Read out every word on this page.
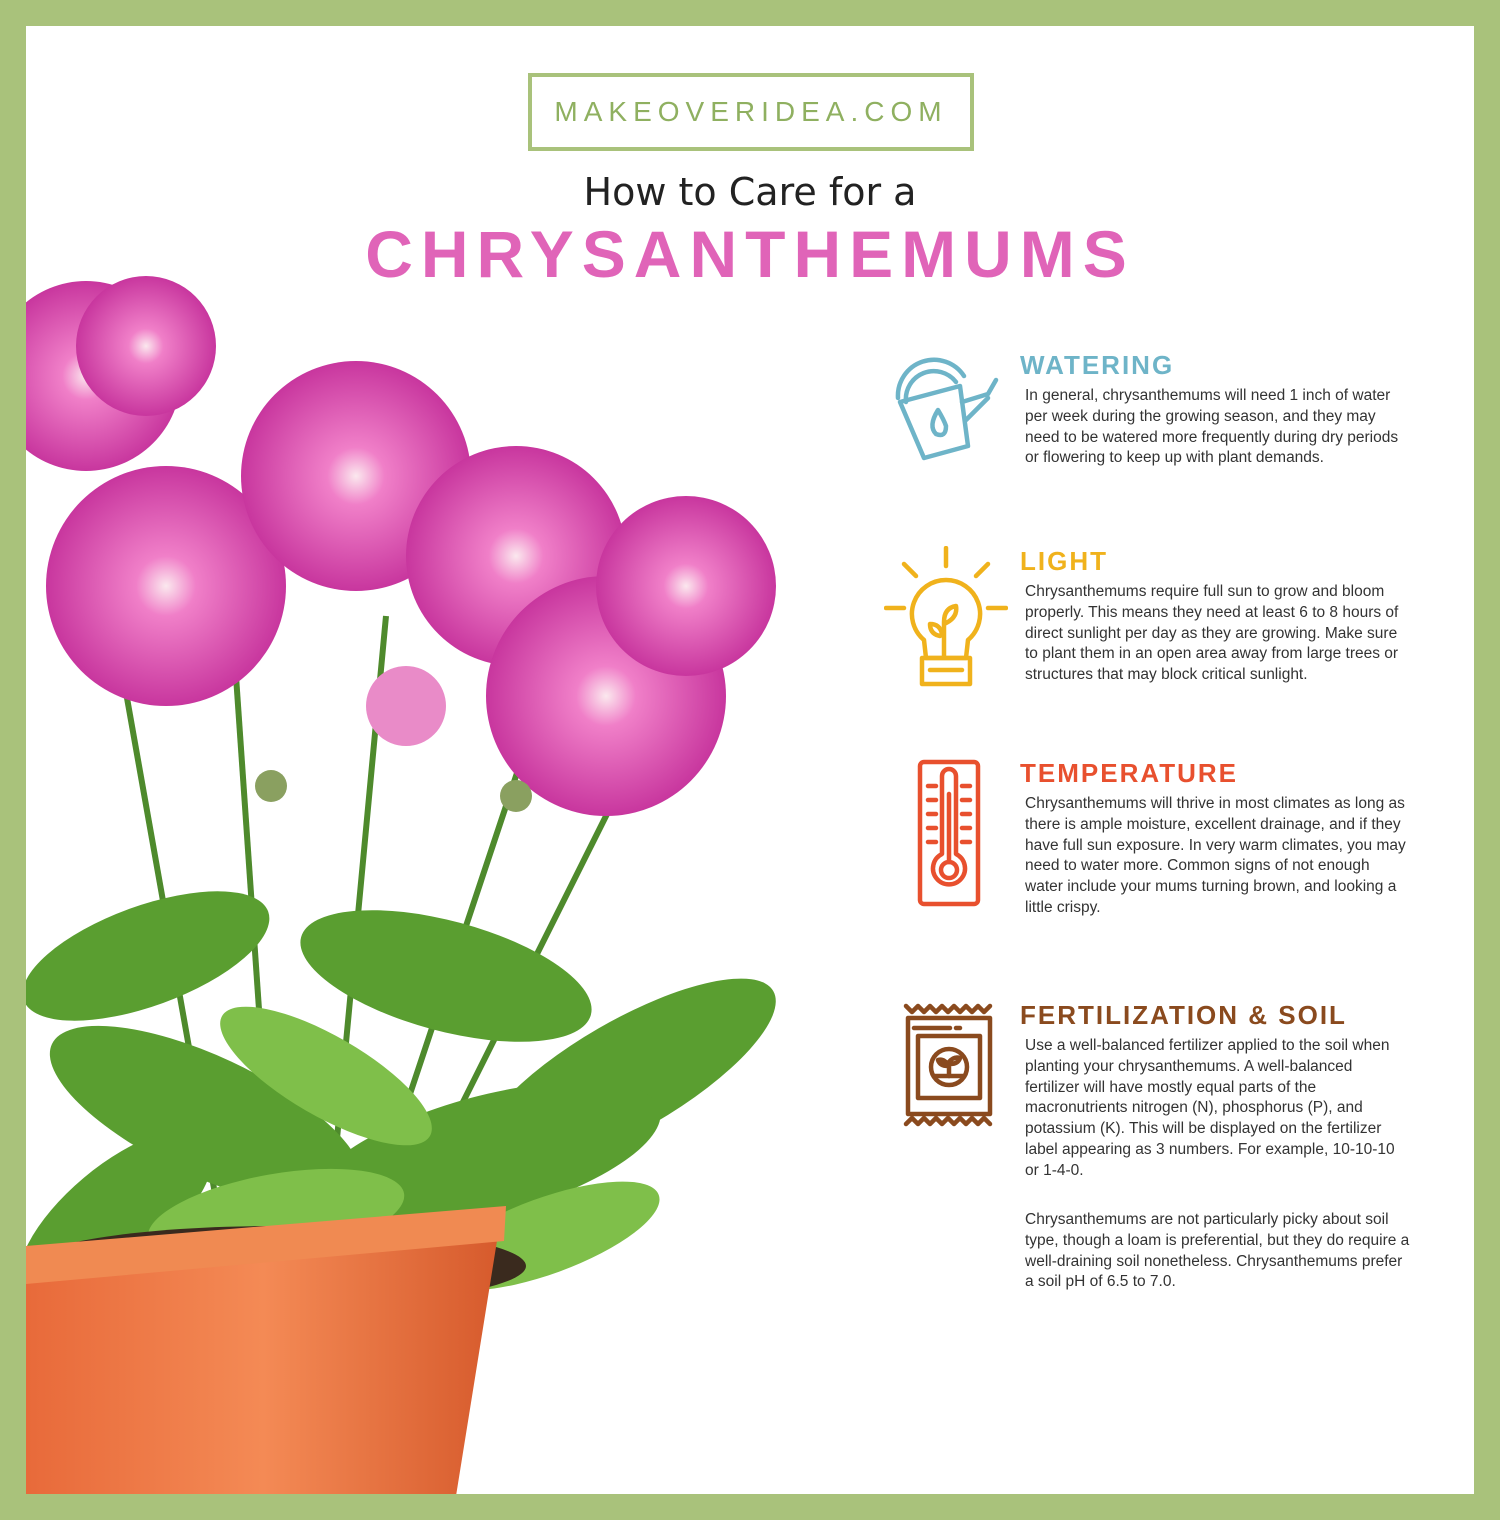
MAKEOVERIDEA.COM
How to Care for a
CHRYSANTHEMUMS
WATERING

In general, chrysanthemums will need 1 inch of water per week during the growing season, and they may need to be watered more frequently during dry periods or flowering to keep up with plant demands.

LIGHT

Chrysanthemums require full sun to grow and bloom properly. This means they need at least 6 to 8 hours of direct sunlight per day as they are growing. Make sure to plant them in an open area away from large trees or structures that may block critical sunlight.

TEMPERATURE

Chrysanthemums will thrive in most climates as long as there is ample moisture, excellent drainage, and if they have full sun exposure. In very warm climates, you may need to water more. Common signs of not enough water include your mums turning brown, and looking a little crispy.

FERTILIZATION & SOIL

Use a well-balanced fertilizer applied to the soil when planting your chrysanthemums. A well-balanced fertilizer will have mostly equal parts of the macronutrients nitrogen (N), phosphorus (P), and potassium (K). This will be displayed on the fertilizer label appearing as 3 numbers. For example, 10-10-10 or 1-4-0.

Chrysanthemums are not particularly picky about soil type, though a loam is preferential, but they do require a well-draining soil nonetheless. Chrysanthemums prefer a soil pH of 6.5 to 7.0.
